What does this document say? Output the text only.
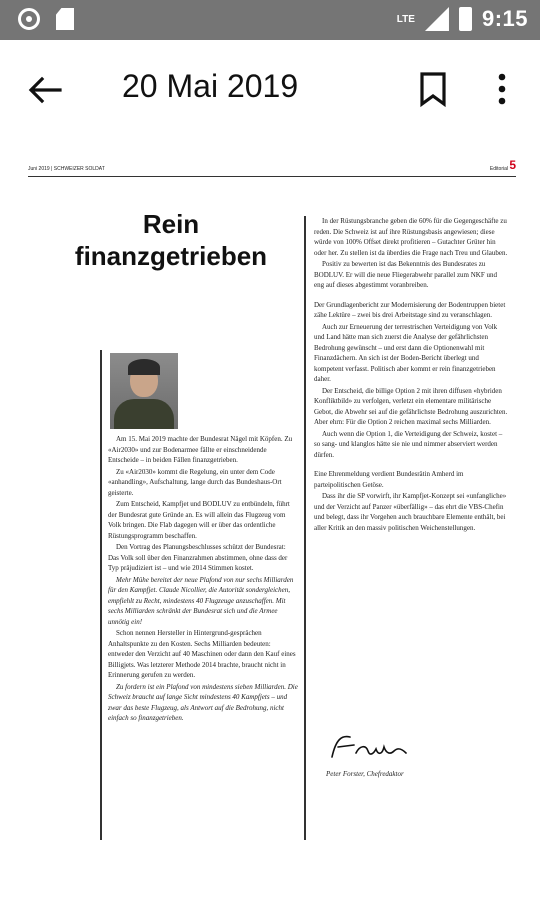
LTE	9:15
20 Mai 2019
Juni 2019 | SCHWEIZER SOLDAT	Editorial 5
Rein
finanzgetrieben

Am 15. Mai 2019 machte der Bundesrat Nägel mit Köpfen. Zu «Air2030» und zur Bodenarmee fällte er einschneidende Entscheide – in beiden Fällen finanzgetrieben.

Zu «Air2030» kommt die Regelung, ein unter dem Code «anhandling», Aufschaltung, lange durch das Bundeshaus-Ort geisterte.

Zum Entscheid, Kampfjet und BODLUV zu entbündeln, führt der Bundesrat gute Gründe an. Es will allein das Flugzeug vom Volk bringen. Die Flab dagegen will er über das ordentliche Rüstungsprogramm beschaffen.

Den Vortrag des Planungsbeschlusses schützt der Bundesrat: Das Volk soll über den Finanzrahmen abstimmen, ohne dass der Typ präjudiziert ist – und wie 2014 Stimmen kostet.

Mehr Mühe bereitet der neue Plafond von nur sechs Milliarden für den Kampfjet. Claude Nicollier, die Autorität sondergleichen, empfiehlt zu Recht, mindestens 40 Flugzeuge anzuschaffen. Mit sechs Milliarden schränkt der Bundesrat sich und die Armee unnötig ein!

Schon nennen Hersteller in Hintergrund-gesprächen Anhaltspunkte zu den Kosten. Sechs Milliarden bedeuten: entweder den Verzicht auf 40 Maschinen oder dann den Kauf eines Billigjets. Was letzterer Methode 2014 brachte, braucht nicht in Erinnerung gerufen zu werden.

Zu fordern ist ein Plafond von mindestens sieben Milliarden. Die Schweiz braucht auf lange Sicht mindestens 40 Kampfjets – und zwar das beste Flugzeug, als Antwort auf die Bedrohung, nicht einfach so finanzgetrieben.

In der Rüstungsbranche geben die 60% für die Gegengeschäfte zu reden. Die Schweiz ist auf ihre Rüstungsbasis angewiesen; diese würde von 100% Offset direkt profitieren – Gutachter Grüter hin oder her. Zu stellen ist da überdies die Frage nach Treu und Glauben.

Positiv zu bewerten ist das Bekenntnis des Bundesrates zu BODLUV. Er will die neue Fliegerabwehr parallel zum NKF und eng auf dieses abgestimmt voranbreiben.

Der Grundlagenbericht zur Modernisierung der Bodentruppen bietet zähe Lektüre – zwei bis drei Arbeitstage sind zu veranschlagen.

Auch zur Erneuerung der terrestrischen Verteidigung von Volk und Land hätte man sich zuerst die Analyse der gefährlichsten Bedrohung gewünscht – und erst dann die Optionenwahl mit Finanzdächern. An sich ist der Boden-Bericht überlegt und kompetent verfasst. Politisch aber kommt er rein finanzgetrieben daher.

Der Entscheid, die billige Option 2 mit ihren diffusen «hybriden Konfliktbild» zu verfolgen, verletzt ein elementare militärische Gebot, die Abwehr sei auf die gefährlichste Bedrohung auszurichten. Aber ehrn: Für die Option 2 reichen maximal sechs Milliarden.

Auch wenn die Option 1, die Verteidigung der Schweiz, kostet – so sang- und klanglos hätte sie nie und nimmer abserviert werden dürfen.

Eine Ehrenmeldung verdient Bundesrätin Amherd im parteipolitischen Getöse.

Dass ihr die SP vorwirft, ihr Kampfjet-Konzept sei «unfangliche» und der Verzicht auf Panzer «überfällig» – das ehrt die VBS-Chefin und belegt, dass ihr Vorgehen auch brauchbare Elemente enthält, bei aller Kritik an den massiv politischen Weichenstellungen.

Peter Forster, Chefredaktor
